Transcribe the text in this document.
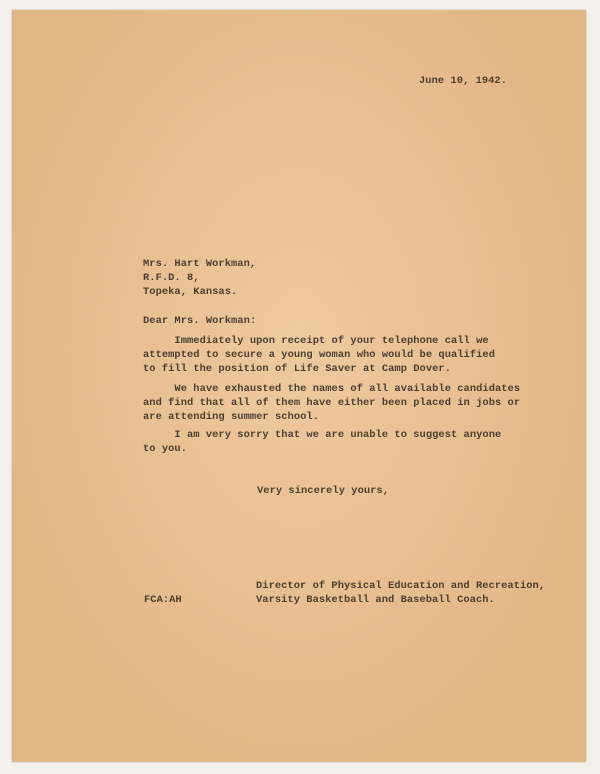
June 10, 1942.
Mrs. Hart Workman,
R.F.D. 8,
Topeka, Kansas.
Dear Mrs. Workman:
Immediately upon receipt of your telephone call we
attempted to secure a young woman who would be qualified
to fill the position of Life Saver at Camp Dover.
We have exhausted the names of all available candidates
and find that all of them have either been placed in jobs or
are attending summer school.
I am very sorry that we are unable to suggest anyone
to you.
Very sincerely yours,
Director of Physical Education and Recreation,
FCA:AH	Varsity Basketball and Baseball Coach.
